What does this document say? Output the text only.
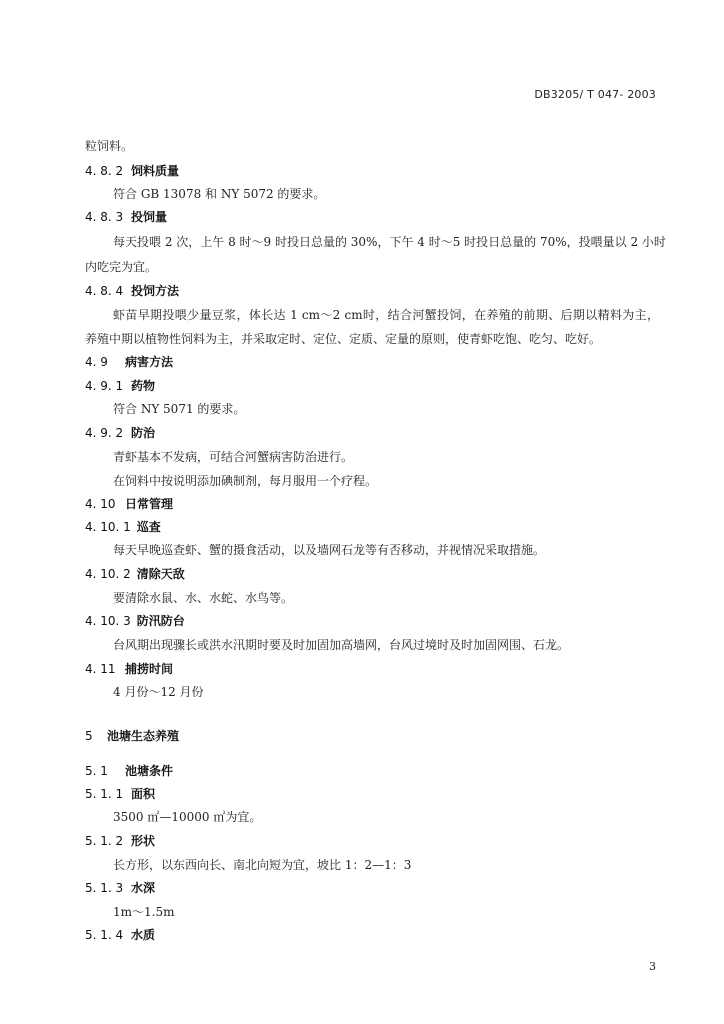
DB3205/ T 047- 2003
粒饲料。
4. 8. 2 饲料质量
符合 GB 13078 和 NY 5072 的要求。
4. 8. 3 投饲量
每天投喂 2 次，上午 8 时～9 时投日总量的 30%，下午 4 时～5 时投日总量的 70%，投喂量以 2 小时
内吃完为宜。
4. 8. 4 投饲方法
虾苗早期投喂少量豆浆，体长达 1 cm～2 cm时，结合河蟹投饲，在养殖的前期、后期以精料为主，
养殖中期以植物性饲料为主，并采取定时、定位、定质、定量的原则，使青虾吃饱、吃匀、吃好。
4. 9 病害方法
4. 9. 1 药物
符合 NY 5071 的要求。
4. 9. 2 防治
青虾基本不发病，可结合河蟹病害防治进行。
在饲料中按说明添加碘制剂，每月服用一个疗程。
4. 10 日常管理
4. 10. 1 巡查
每天早晚巡查虾、蟹的摄食活动，以及墙网石龙等有否移动，并视情况采取措施。
4. 10. 2 清除天敌
要清除水鼠、水、水蛇、水鸟等。
4. 10. 3 防汛防台
台风期出现骤长或洪水汛期时要及时加固加高墙网，台风过境时及时加固网围、石龙。
4. 11 捕捞时间
4 月份～12 月份
5 池塘生态养殖
5. 1 池塘条件
5. 1. 1 面积
3500 ㎡—10000 ㎡为宜。
5. 1. 2 形状
长方形，以东西向长、南北向短为宜，坡比 1：2—1：3
5. 1. 3 水深
1m～1.5m
5. 1. 4 水质
3
